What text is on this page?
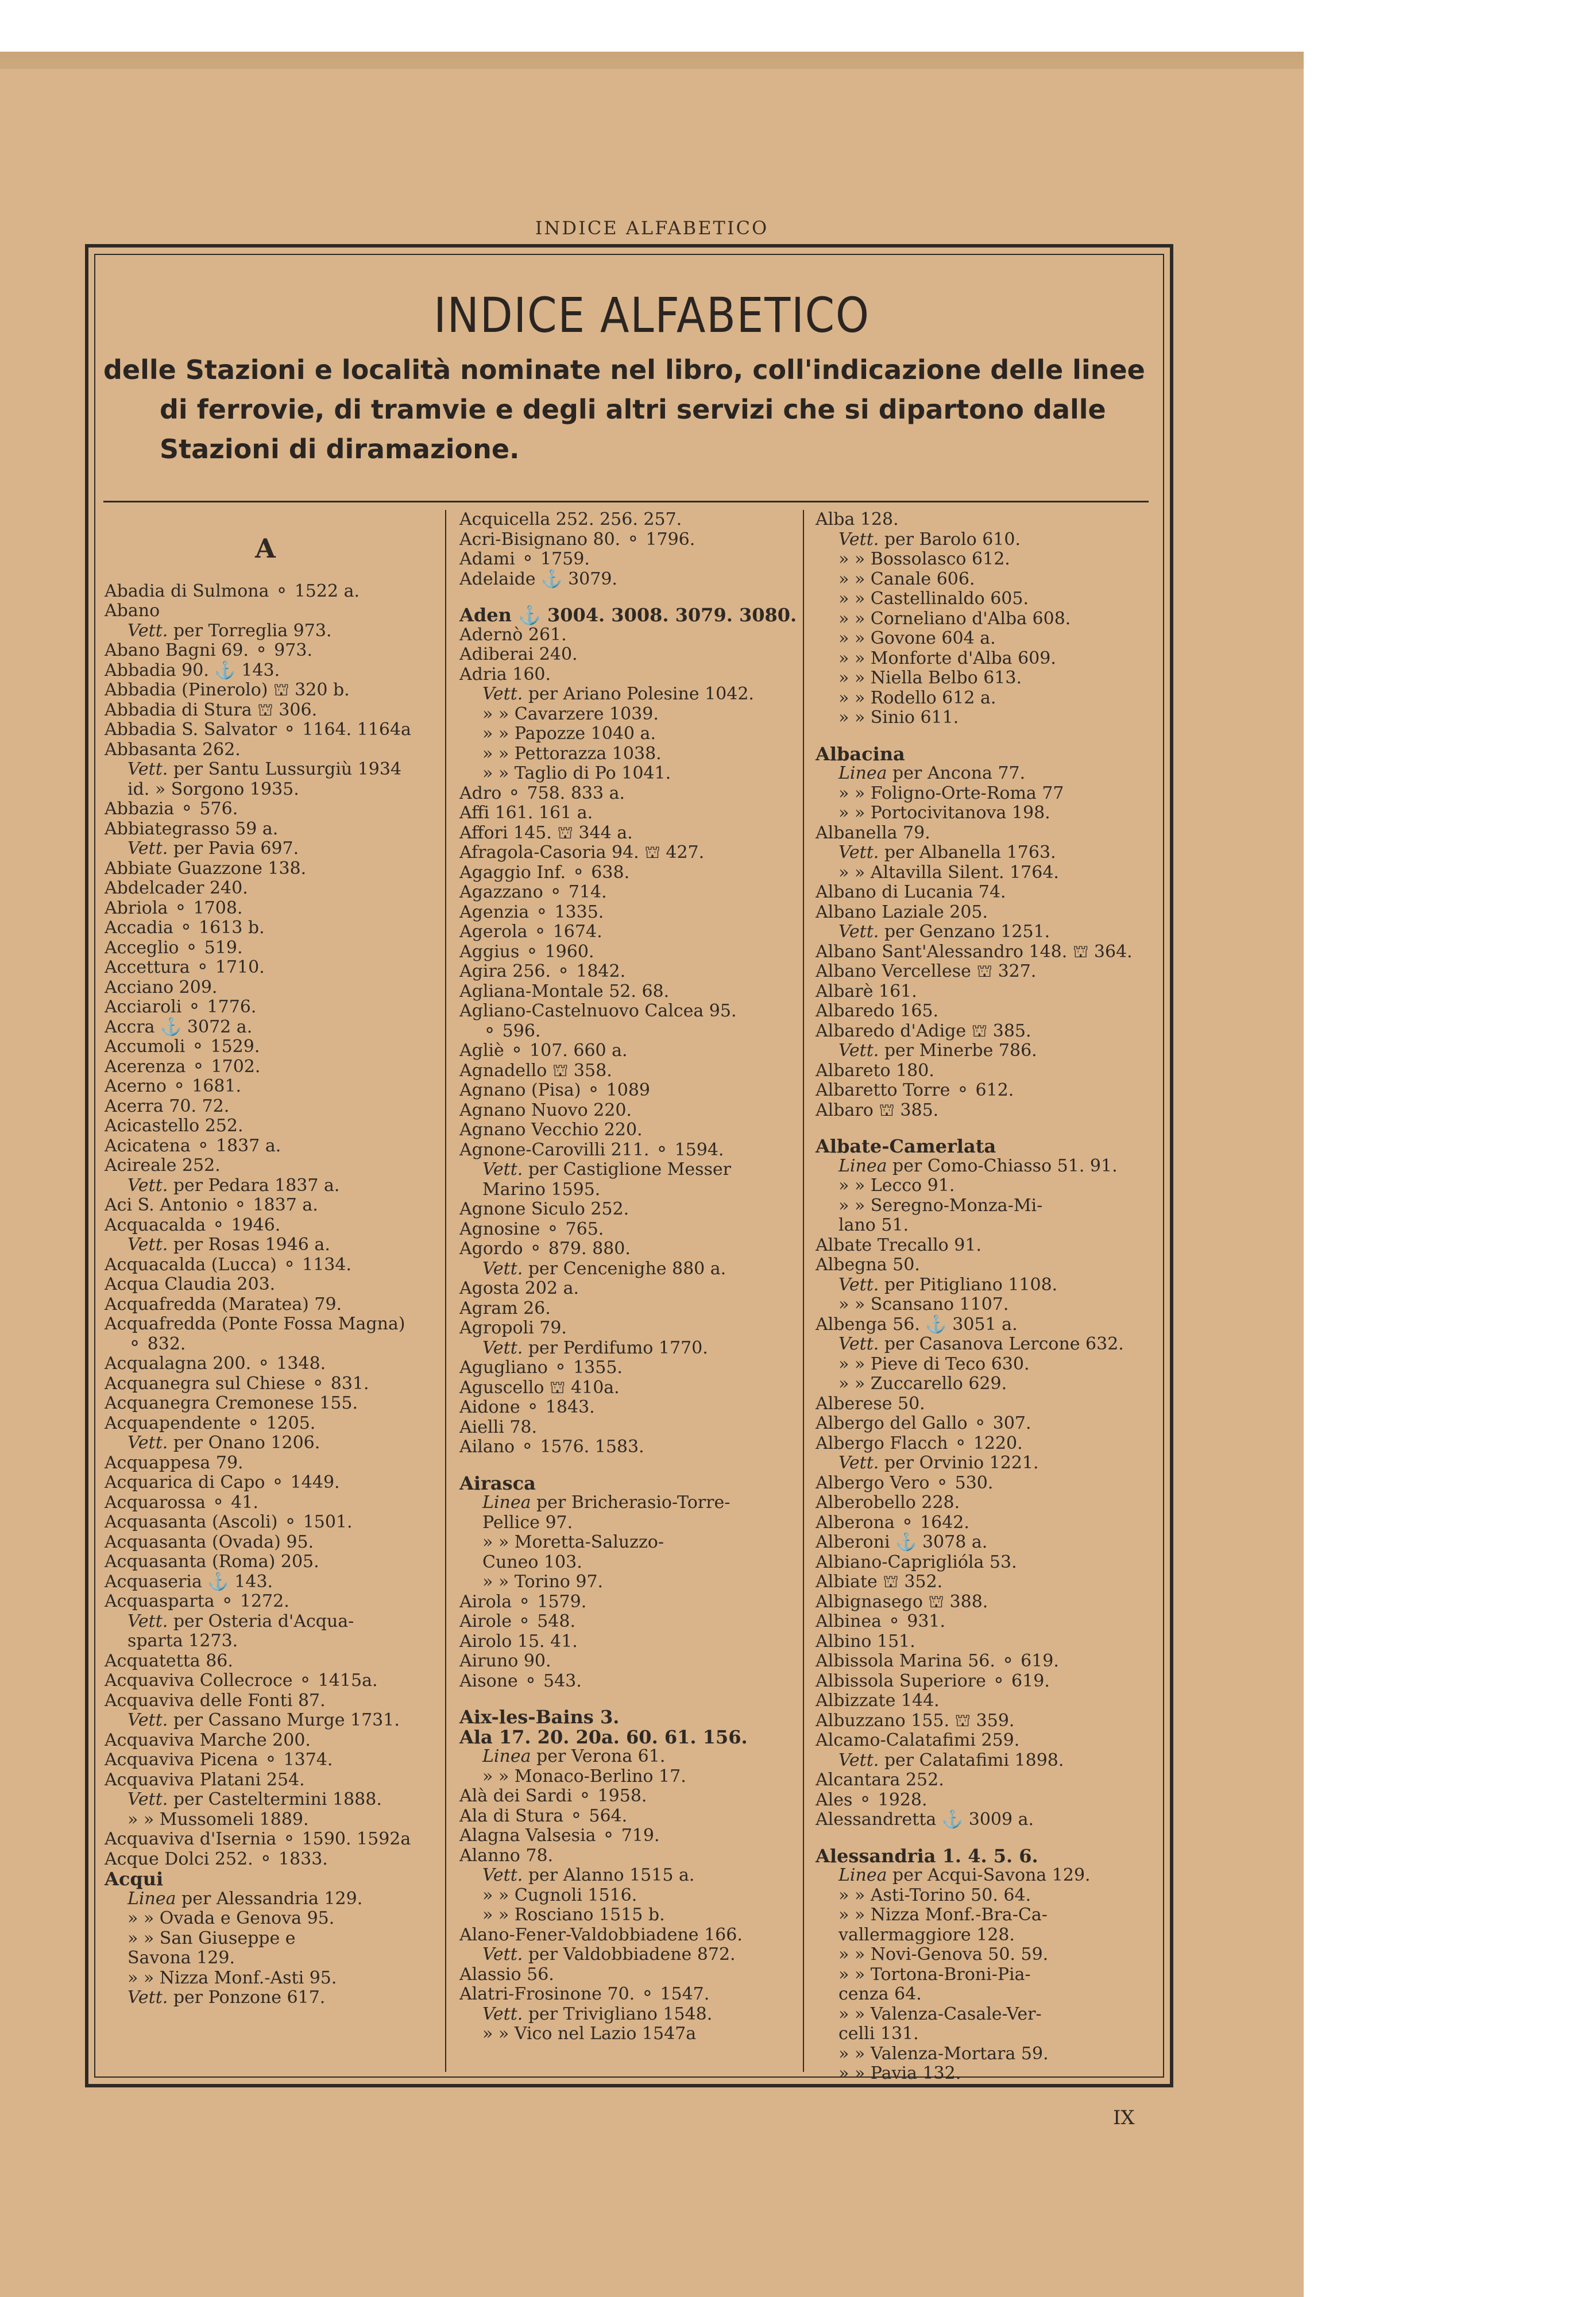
INDICE ALFABETICO
INDICE ALFABETICO
delle Stazioni e località nominate nel libro, coll'indicazione delle linee
di ferrovie, di tramvie e degli altri servizi che si dipartono dalle
Stazioni di diramazione.
A
Abadia di Sulmona ⚬ 1522 a.
Abano
Vett. per Torreglia 973.
Abano Bagni 69. ⚬ 973.
Abbadia 90. ⚓ 143.
Abbadia (Pinerolo) ⛫ 320 b.
Abbadia di Stura ⛫ 306.
Abbadia S. Salvator ⚬ 1164. 1164a
Abbasanta 262.
Vett. per Santu Lussurgiù 1934
id. » Sorgono 1935.
Abbazia ⚬ 576.
Abbiategrasso 59 a.
Vett. per Pavia 697.
Abbiate Guazzone 138.
Abdelcader 240.
Abriola ⚬ 1708.
Accadia ⚬ 1613 b.
Acceglio ⚬ 519.
Accettura ⚬ 1710.
Acciano 209.
Acciaroli ⚬ 1776.
Accra ⚓ 3072 a.
Accumoli ⚬ 1529.
Acerenza ⚬ 1702.
Acerno ⚬ 1681.
Acerra 70. 72.
Acicastello 252.
Acicatena ⚬ 1837 a.
Acireale 252.
Vett. per Pedara 1837 a.
Aci S. Antonio ⚬ 1837 a.
Acquacalda ⚬ 1946.
Vett. per Rosas 1946 a.
Acquacalda (Lucca) ⚬ 1134.
Acqua Claudia 203.
Acquafredda (Maratea) 79.
Acquafredda (Ponte Fossa Magna)
⚬ 832.
Acqualagna 200. ⚬ 1348.
Acquanegra sul Chiese ⚬ 831.
Acquanegra Cremonese 155.
Acquapendente ⚬ 1205.
Vett. per Onano 1206.
Acquappesa 79.
Acquarica di Capo ⚬ 1449.
Acquarossa ⚬ 41.
Acquasanta (Ascoli) ⚬ 1501.
Acquasanta (Ovada) 95.
Acquasanta (Roma) 205.
Acquaseria ⚓ 143.
Acquasparta ⚬ 1272.
Vett. per Osteria d'Acqua-
sparta 1273.
Acquatetta 86.
Acquaviva Collecroce ⚬ 1415a.
Acquaviva delle Fonti 87.
Vett. per Cassano Murge 1731.
Acquaviva Marche 200.
Acquaviva Picena ⚬ 1374.
Acquaviva Platani 254.
Vett. per Casteltermini 1888.
» » Mussomeli 1889.
Acquaviva d'Isernia ⚬ 1590. 1592a
Acque Dolci 252. ⚬ 1833.
Acqui
Linea per Alessandria 129.
» » Ovada e Genova 95.
» » San Giuseppe e
Savona 129.
» » Nizza Monf.-Asti 95.
Vett. per Ponzone 617.
Acquicella 252. 256. 257.
Acri-Bisignano 80. ⚬ 1796.
Adami ⚬ 1759.
Adelaide ⚓ 3079.
Aden ⚓ 3004. 3008. 3079. 3080.
Adernò 261.
Adiberai 240.
Adria 160.
Vett. per Ariano Polesine 1042.
» » Cavarzere 1039.
» » Papozze 1040 a.
» » Pettorazza 1038.
» » Taglio di Po 1041.
Adro ⚬ 758. 833 a.
Affi 161. 161 a.
Affori 145. ⛫ 344 a.
Afragola-Casoria 94. ⛫ 427.
Agaggio Inf. ⚬ 638.
Agazzano ⚬ 714.
Agenzia ⚬ 1335.
Agerola ⚬ 1674.
Aggius ⚬ 1960.
Agira 256. ⚬ 1842.
Agliana-Montale 52. 68.
Agliano-Castelnuovo Calcea 95.
⚬ 596.
Agliè ⚬ 107. 660 a.
Agnadello ⛫ 358.
Agnano (Pisa) ⚬ 1089
Agnano Nuovo 220.
Agnano Vecchio 220.
Agnone-Carovilli 211. ⚬ 1594.
Vett. per Castiglione Messer
Marino 1595.
Agnone Siculo 252.
Agnosine ⚬ 765.
Agordo ⚬ 879. 880.
Vett. per Cencenighe 880 a.
Agosta 202 a.
Agram 26.
Agropoli 79.
Vett. per Perdifumo 1770.
Agugliano ⚬ 1355.
Aguscello ⛫ 410a.
Aidone ⚬ 1843.
Aielli 78.
Ailano ⚬ 1576. 1583.
Airasca
Linea per Bricherasio-Torre-
Pellice 97.
» » Moretta-Saluzzo-
Cuneo 103.
» » Torino 97.
Airola ⚬ 1579.
Airole ⚬ 548.
Airolo 15. 41.
Airuno 90.
Aisone ⚬ 543.
Aix-les-Bains 3.
Ala 17. 20. 20a. 60. 61. 156.
Linea per Verona 61.
» » Monaco-Berlino 17.
Alà dei Sardi ⚬ 1958.
Ala di Stura ⚬ 564.
Alagna Valsesia ⚬ 719.
Alanno 78.
Vett. per Alanno 1515 a.
» » Cugnoli 1516.
» » Rosciano 1515 b.
Alano-Fener-Valdobbiadene 166.
Vett. per Valdobbiadene 872.
Alassio 56.
Alatri-Frosinone 70. ⚬ 1547.
Vett. per Trivigliano 1548.
» » Vico nel Lazio 1547a
Alba 128.
Vett. per Barolo 610.
» » Bossolasco 612.
» » Canale 606.
» » Castellinaldo 605.
» » Corneliano d'Alba 608.
» » Govone 604 a.
» » Monforte d'Alba 609.
» » Niella Belbo 613.
» » Rodello 612 a.
» » Sinio 611.
Albacina
Linea per Ancona 77.
» » Foligno-Orte-Roma 77
» » Portocivitanova 198.
Albanella 79.
Vett. per Albanella 1763.
» » Altavilla Silent. 1764.
Albano di Lucania 74.
Albano Laziale 205.
Vett. per Genzano 1251.
Albano Sant'Alessandro 148. ⛫ 364.
Albano Vercellese ⛫ 327.
Albarè 161.
Albaredo 165.
Albaredo d'Adige ⛫ 385.
Vett. per Minerbe 786.
Albareto 180.
Albaretto Torre ⚬ 612.
Albaro ⛫ 385.
Albate-Camerlata
Linea per Como-Chiasso 51. 91.
» » Lecco 91.
» » Seregno-Monza-Mi-
lano 51.
Albate Trecallo 91.
Albegna 50.
Vett. per Pitigliano 1108.
» » Scansano 1107.
Albenga 56. ⚓ 3051 a.
Vett. per Casanova Lercone 632.
» » Pieve di Teco 630.
» » Zuccarello 629.
Alberese 50.
Albergo del Gallo ⚬ 307.
Albergo Flacch ⚬ 1220.
Vett. per Orvinio 1221.
Albergo Vero ⚬ 530.
Alberobello 228.
Alberona ⚬ 1642.
Alberoni ⚓ 3078 a.
Albiano-Capriglióla 53.
Albiate ⛫ 352.
Albignasego ⛫ 388.
Albinea ⚬ 931.
Albino 151.
Albissola Marina 56. ⚬ 619.
Albissola Superiore ⚬ 619.
Albizzate 144.
Albuzzano 155. ⛫ 359.
Alcamo-Calatafimi 259.
Vett. per Calatafimi 1898.
Alcantara 252.
Ales ⚬ 1928.
Alessandretta ⚓ 3009 a.
Alessandria 1. 4. 5. 6.
Linea per Acqui-Savona 129.
» » Asti-Torino 50. 64.
» » Nizza Monf.-Bra-Ca-
vallermaggiore 128.
» » Novi-Genova 50. 59.
» » Tortona-Broni-Pia-
cenza 64.
» » Valenza-Casale-Ver-
celli 131.
» » Valenza-Mortara 59.
» » Pavia 132.
IX
